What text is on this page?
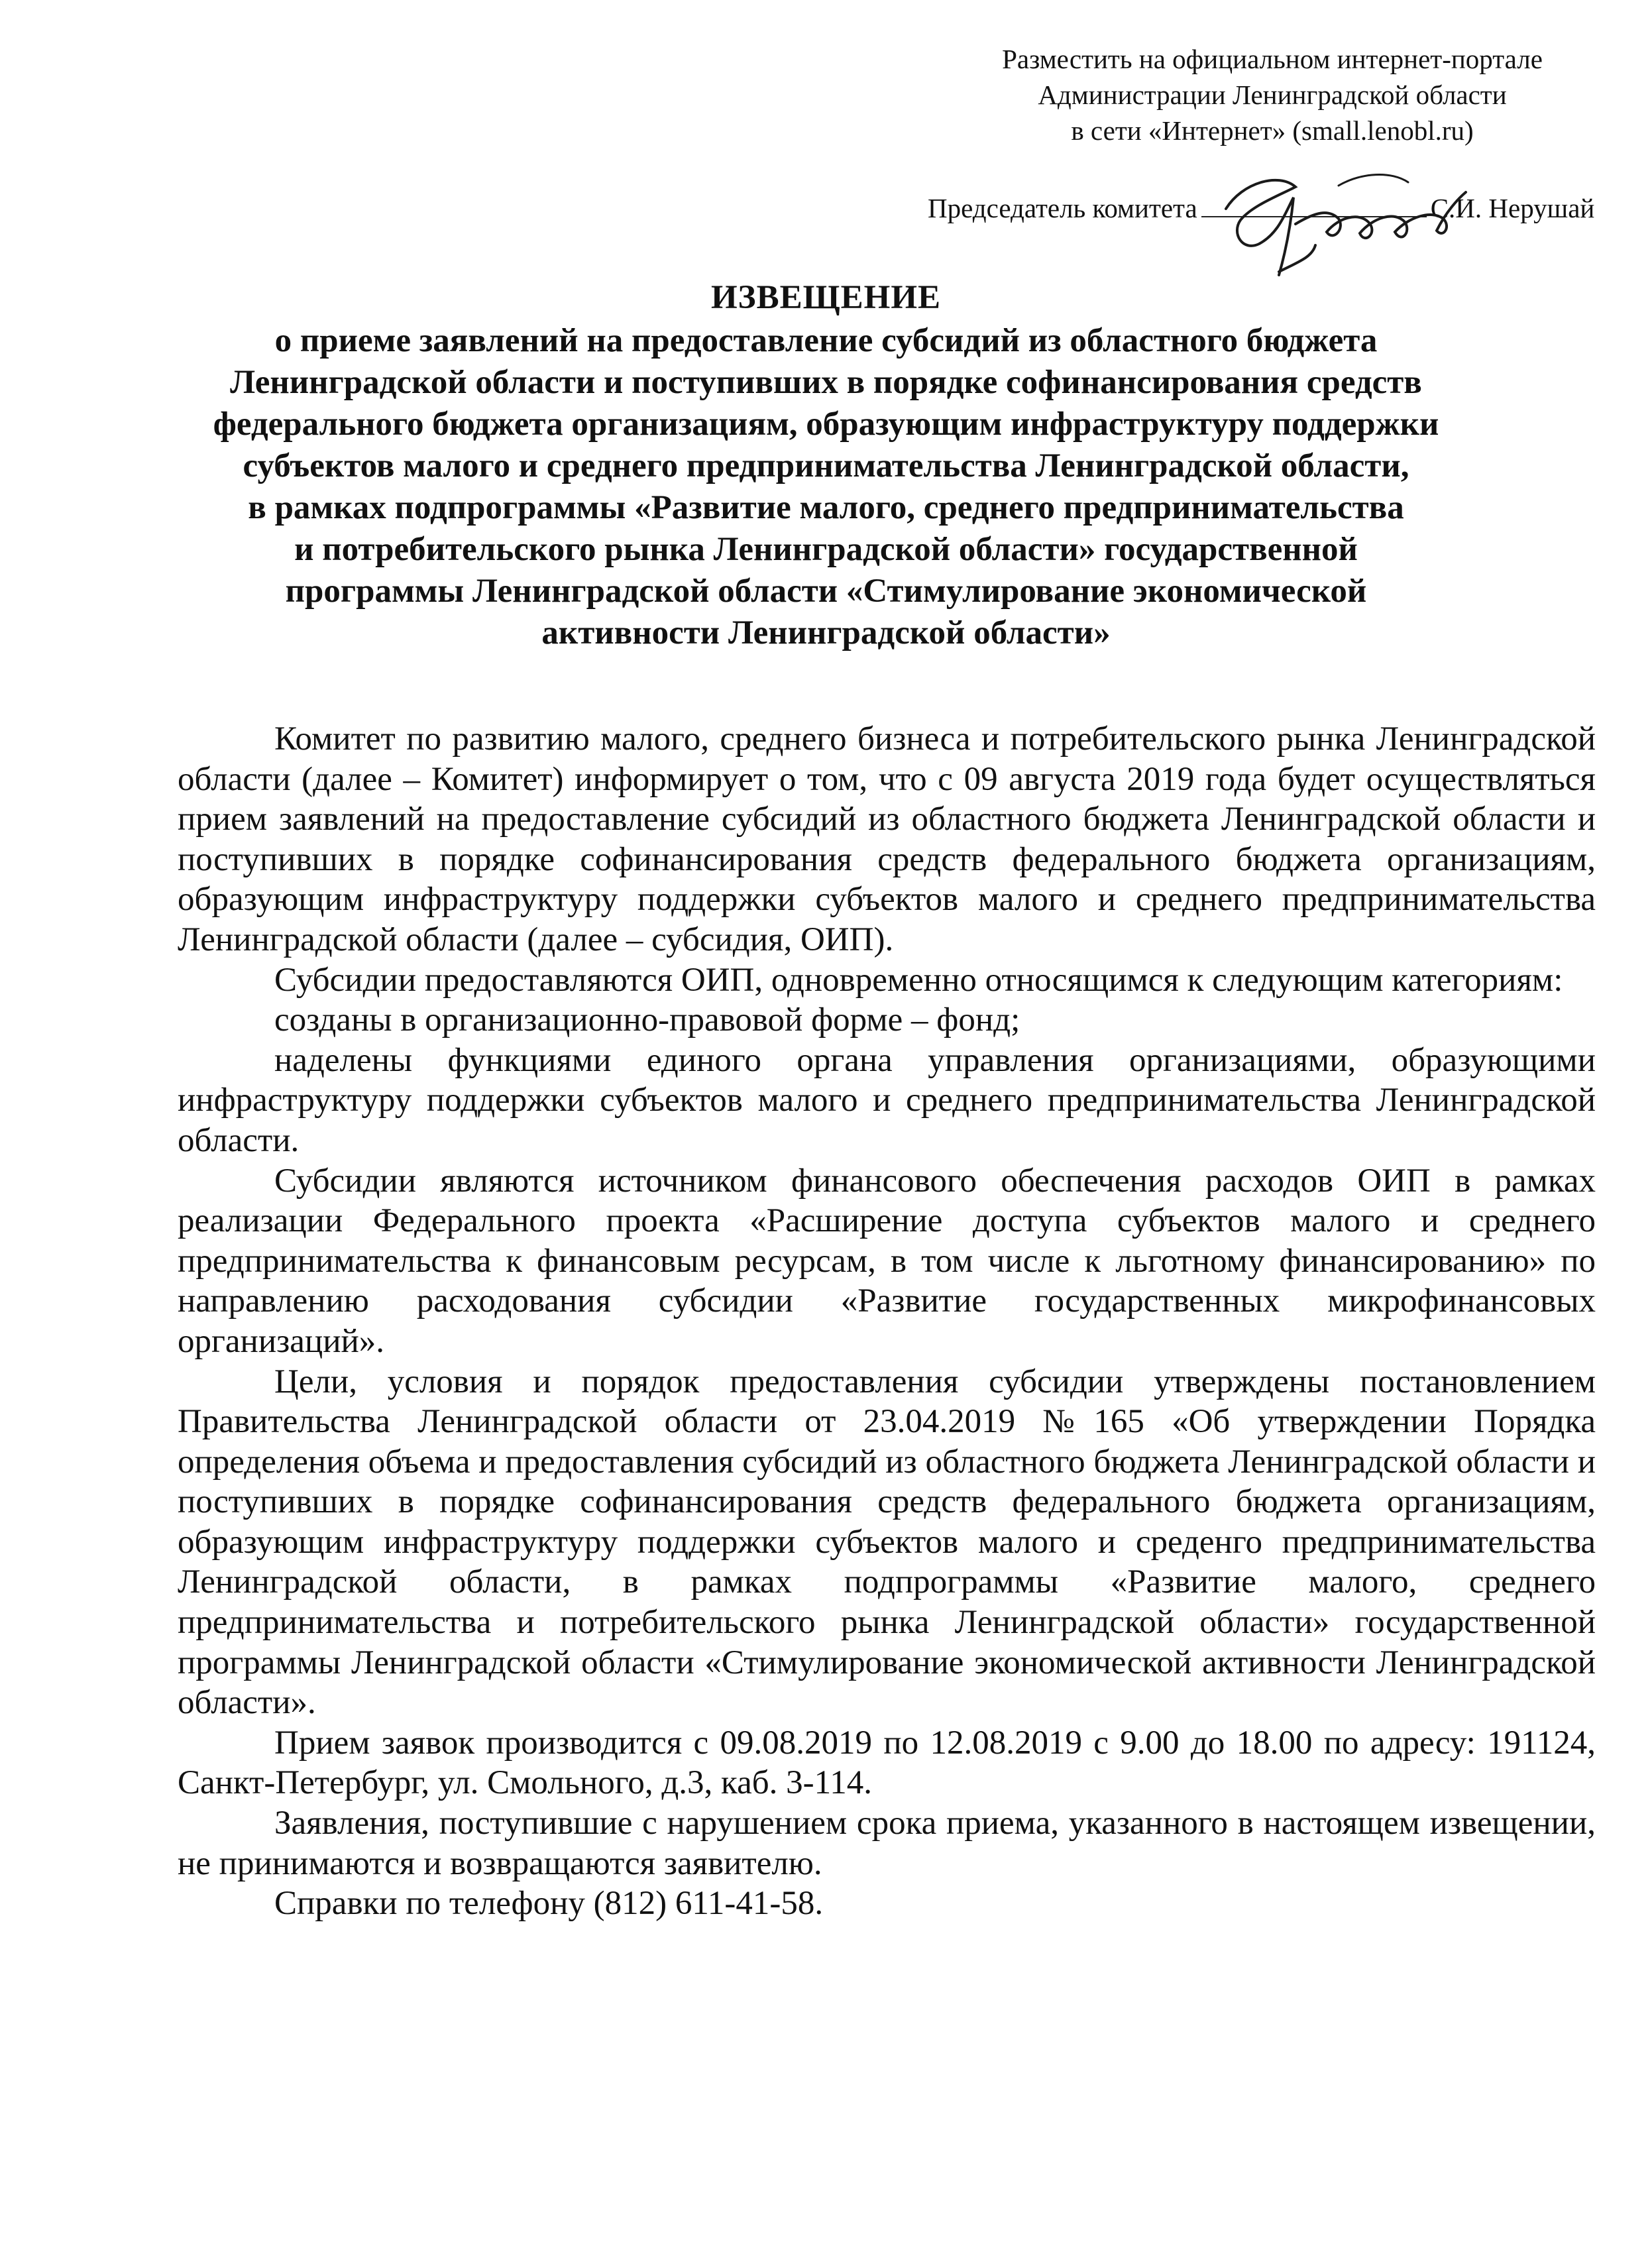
Разместить на официальном интернет-портале
Администрации Ленинградской области
в сети «Интернет» (small.lenobl.ru)
Председатель комитета	С.И. Нерушай
ИЗВЕЩЕНИЕ
о приеме заявлений на предоставление субсидий из областного бюджета
Ленинградской области и поступивших в порядке софинансирования средств
федерального бюджета организациям, образующим инфраструктуру поддержки
субъектов малого и среднего предпринимательства Ленинградской области,
в рамках подпрограммы «Развитие малого, среднего предпринимательства
и потребительского рынка Ленинградской области» государственной
программы Ленинградской области «Стимулирование экономической
активности Ленинградской области»

Комитет по развитию малого, среднего бизнеса и потребительского рынка Ленинградской области (далее – Комитет) информирует о том, что с 09 августа 2019 года будет осуществляться прием заявлений на предоставление субсидий из областного бюджета Ленинградской области и поступивших в порядке софинансирования средств федерального бюджета организациям, образующим инфраструктуру поддержки субъектов малого и среднего предпринимательства Ленинградской области (далее – субсидия, ОИП).

Субсидии предоставляются ОИП, одновременно относящимся к следующим категориям:

созданы в организационно-правовой форме – фонд;

наделены функциями единого органа управления организациями, образующими инфраструктуру поддержки субъектов малого и среднего предпринимательства Ленинградской области.

Субсидии являются источником финансового обеспечения расходов ОИП в рамках реализации Федерального проекта «Расширение доступа субъектов малого и среднего предпринимательства к финансовым ресурсам, в том числе к льготному финансированию» по направлению расходования субсидии «Развитие государственных микрофинансовых организаций».

Цели, условия и порядок предоставления субсидии утверждены постановлением Правительства Ленинградской области от 23.04.2019 №165 «Об утверждении Порядка определения объема и предоставления субсидий из областного бюджета Ленинградской области и поступивших в порядке софинансирования средств федерального бюджета организациям, образующим инфраструктуру поддержки субъектов малого и среденго предпринимательства Ленинградской области, в рамках подпрограммы «Развитие малого, среднего предпринимательства и потребительского рынка Ленинградской области» государственной программы Ленинградской области «Стимулирование экономической активности Ленинградской области».

Прием заявок производится с 09.08.2019 по 12.08.2019 с 9.00 до 18.00 по адресу: 191124, Санкт-Петербург, ул. Смольного, д.3, каб. 3-114.

Заявления, поступившие с нарушением срока приема, указанного в настоящем извещении, не принимаются и возвращаются заявителю.

Справки по телефону (812) 611-41-58.
